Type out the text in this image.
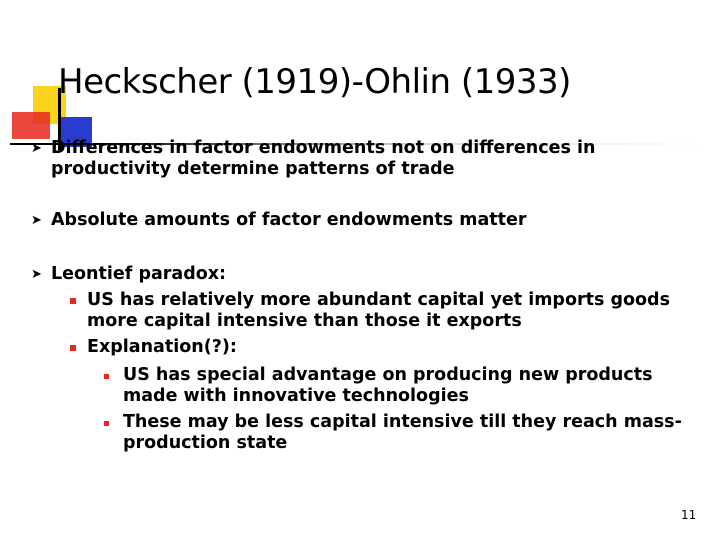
Heckscher (1919)-Ohlin (1933)
➤ Differences in factor endowments not on differences in
productivity determine patterns of trade
➤ Absolute amounts of factor endowments matter
➤ Leontief paradox:
US has relatively more abundant capital yet imports goods
more capital intensive than those it exports
Explanation(?):
US has special advantage on producing new products
made with innovative technologies
These may be less capital intensive till they reach mass-
production state
11
